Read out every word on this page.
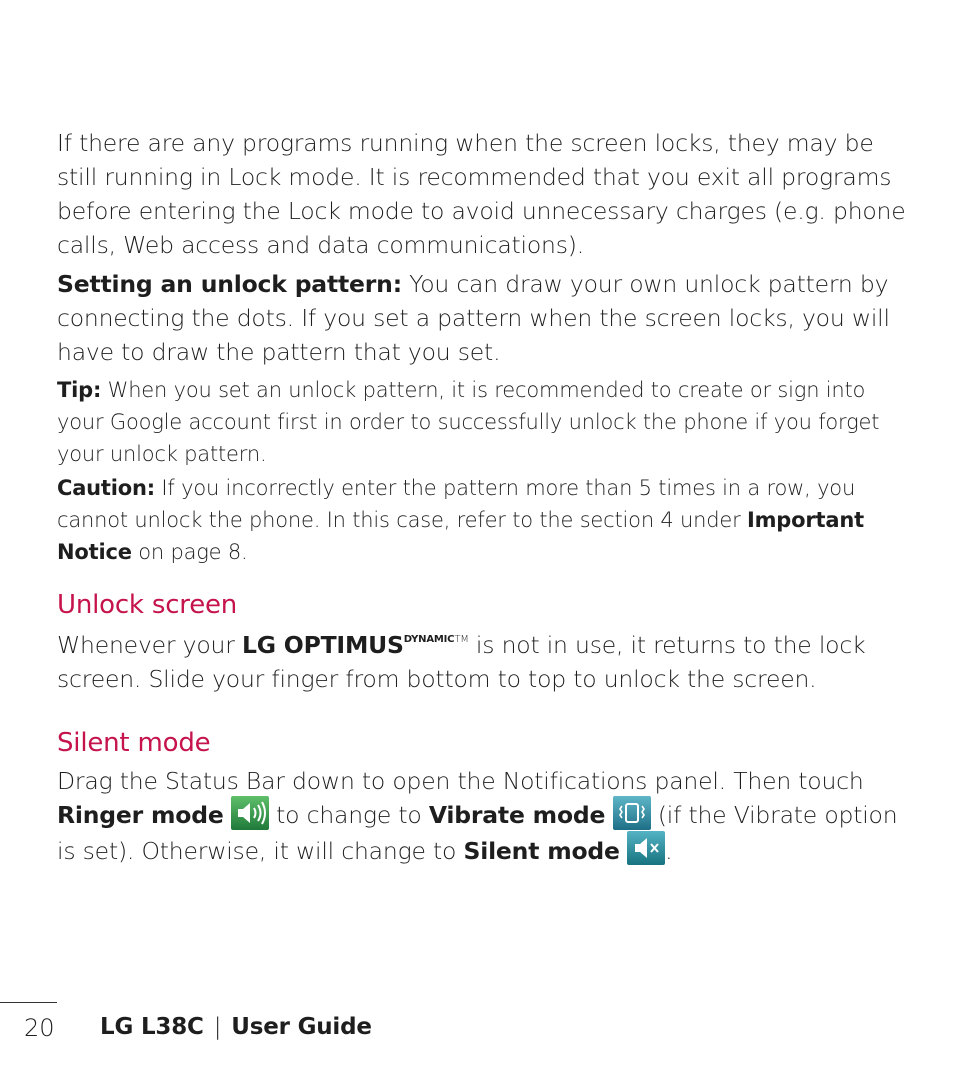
If there are any programs running when the screen locks, they may be still running in Lock mode. It is recommended that you exit all programs before entering the Lock mode to avoid unnecessary charges (e.g. phone calls, Web access and data communications).

Setting an unlock pattern: You can draw your own unlock pattern by connecting the dots. If you set a pattern when the screen locks, you will have to draw the pattern that you set.

Tip: When you set an unlock pattern, it is recommended to create or sign into your Google account first in order to successfully unlock the phone if you forget your unlock pattern.

Caution: If you incorrectly enter the pattern more than 5 times in a row, you cannot unlock the phone. In this case, refer to the section 4 under Important Notice on page 8.

Unlock screen

Whenever your LG $OPTIMUS^{DYNAMICTM}$ is not in use, it returns to the lock screen. Slide your finger from bottom to top to unlock the screen.

Silent mode

Drag the Status Bar down to open the Notifications panel. Then touch Ringer mode
to change to Vibrate mode
(if the Vibrate option is set). Otherwise, it will change to Silent mode .

20 LG L38C | User Guide
